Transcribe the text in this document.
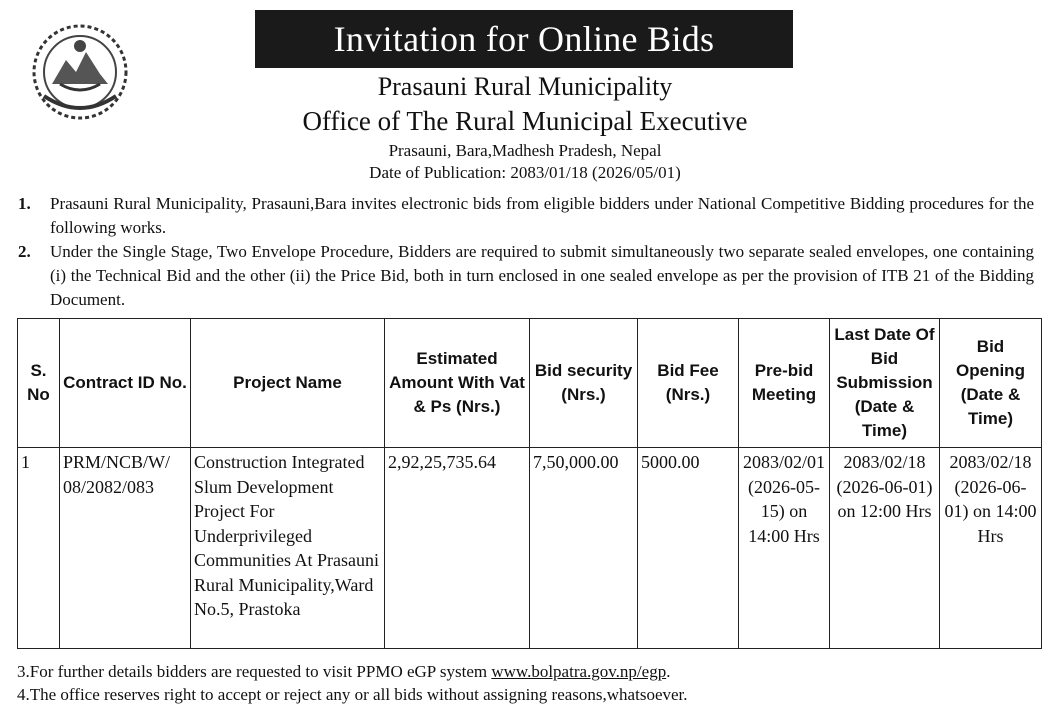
Invitation for Online Bids
Prasauni Rural Municipality
Office of The Rural Municipal Executive
Prasauni, Bara,Madhesh Pradesh, Nepal
Date of Publication: 2083/01/18 (2026/05/01)
1. Prasauni Rural Municipality, Prasauni,Bara invites electronic bids from eligible bidders under National Competitive Bidding procedures for the following works.
2. Under the Single Stage, Two Envelope Procedure, Bidders are required to submit simultaneously two separate sealed envelopes, one containing (i) the Technical Bid and the other (ii) the Price Bid, both in turn enclosed in one sealed envelope as per the provision of ITB 21 of the Bidding Document.
S. No	Contract ID No.	Project Name	Estimated Amount With Vat & Ps (Nrs.)	Bid security (Nrs.)	Bid Fee (Nrs.)	Pre-bid Meeting	Last Date Of Bid Submission (Date & Time)	Bid Opening (Date & Time)
1	PRM/NCB/W/ 08/2082/083	Construction Integrated Slum Development Project For Underprivileged Communities At Prasauni Rural Municipality,Ward No.5, Prastoka	2,92,25,735.64	7,50,000.00	5000.00	2083/02/01 (2026-05-15) on 14:00 Hrs	2083/02/18 (2026-06-01) on 12:00 Hrs	2083/02/18 (2026-06- 01) on 14:00 Hrs
3.For further details bidders are requested to visit PPMO eGP system www.bolpatra.gov.np/egp.
4.The office reserves right to accept or reject any or all bids without assigning reasons,whatsoever.
